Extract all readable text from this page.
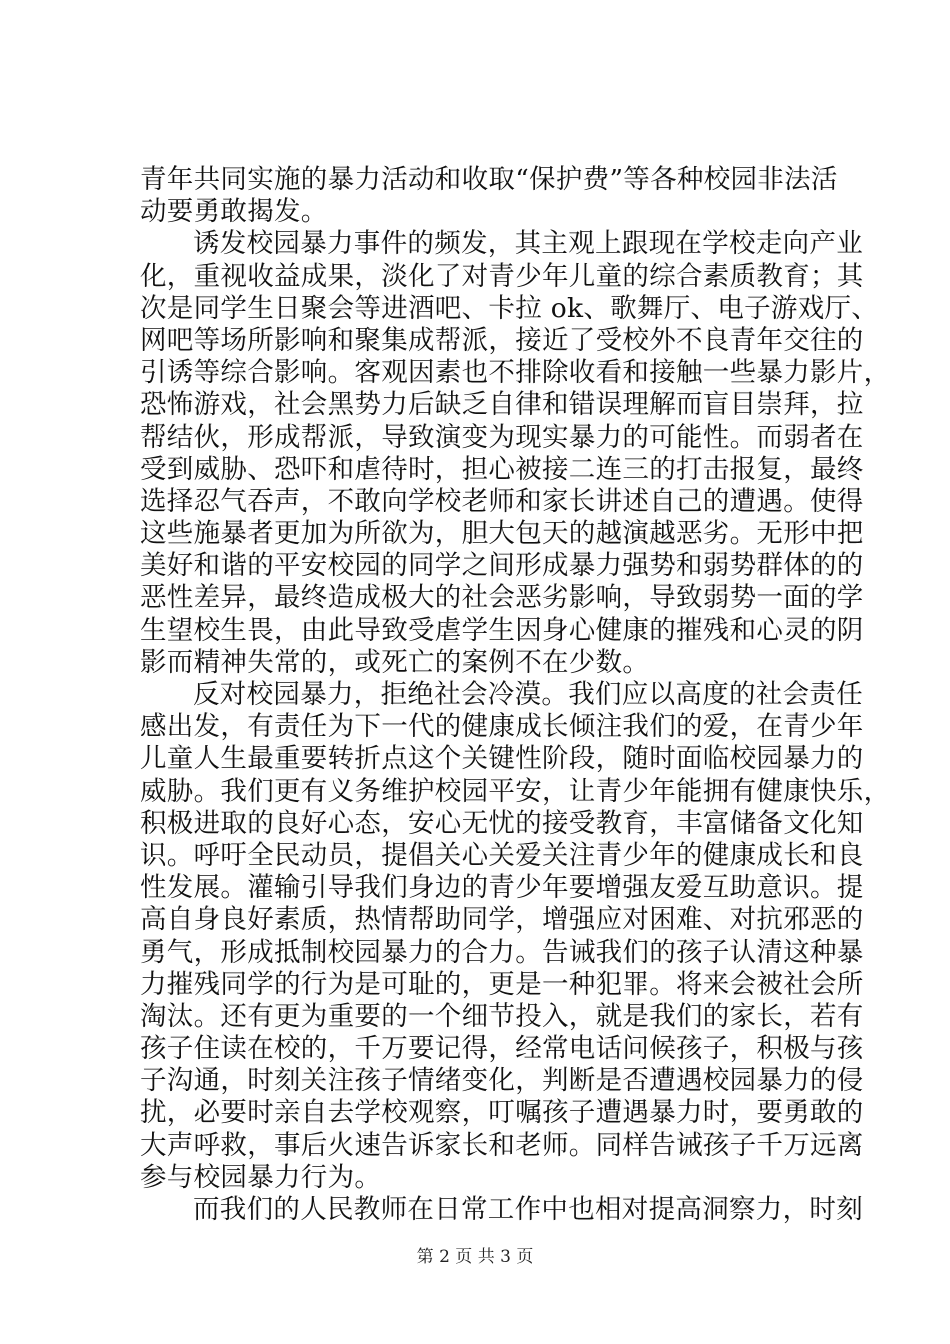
青年共同实施的暴力活动和收取“保护费”等各种校园非法活
动要勇敢揭发。
诱发校园暴力事件的频发，其主观上跟现在学校走向产业
化，重视收益成果，淡化了对青少年儿童的综合素质教育；其
次是同学生日聚会等进酒吧、卡拉 ok、歌舞厅、电子游戏厅、
网吧等场所影响和聚集成帮派，接近了受校外不良青年交往的
引诱等综合影响。客观因素也不排除收看和接触一些暴力影片，
恐怖游戏，社会黑势力后缺乏自律和错误理解而盲目崇拜，拉
帮结伙，形成帮派，导致演变为现实暴力的可能性。而弱者在
受到威胁、恐吓和虐待时，担心被接二连三的打击报复，最终
选择忍气吞声，不敢向学校老师和家长讲述自己的遭遇。使得
这些施暴者更加为所欲为，胆大包天的越演越恶劣。无形中把
美好和谐的平安校园的同学之间形成暴力强势和弱势群体的的
恶性差异，最终造成极大的社会恶劣影响，导致弱势一面的学
生望校生畏，由此导致受虐学生因身心健康的摧残和心灵的阴
影而精神失常的，或死亡的案例不在少数。
反对校园暴力，拒绝社会冷漠。我们应以高度的社会责任
感出发，有责任为下一代的健康成长倾注我们的爱，在青少年
儿童人生最重要转折点这个关键性阶段，随时面临校园暴力的
威胁。我们更有义务维护校园平安，让青少年能拥有健康快乐，
积极进取的良好心态，安心无忧的接受教育，丰富储备文化知
识。呼吁全民动员，提倡关心关爱关注青少年的健康成长和良
性发展。灌输引导我们身边的青少年要增强友爱互助意识。提
高自身良好素质，热情帮助同学，增强应对困难、对抗邪恶的
勇气，形成抵制校园暴力的合力。告诫我们的孩子认清这种暴
力摧残同学的行为是可耻的，更是一种犯罪。将来会被社会所
淘汰。还有更为重要的一个细节投入，就是我们的家长，若有
孩子住读在校的，千万要记得，经常电话问候孩子，积极与孩
子沟通，时刻关注孩子情绪变化，判断是否遭遇校园暴力的侵
扰，必要时亲自去学校观察，叮嘱孩子遭遇暴力时，要勇敢的
大声呼救，事后火速告诉家长和老师。同样告诫孩子千万远离
参与校园暴力行为。
而我们的人民教师在日常工作中也相对提高洞察力，时刻
第 2 页 共 3 页
